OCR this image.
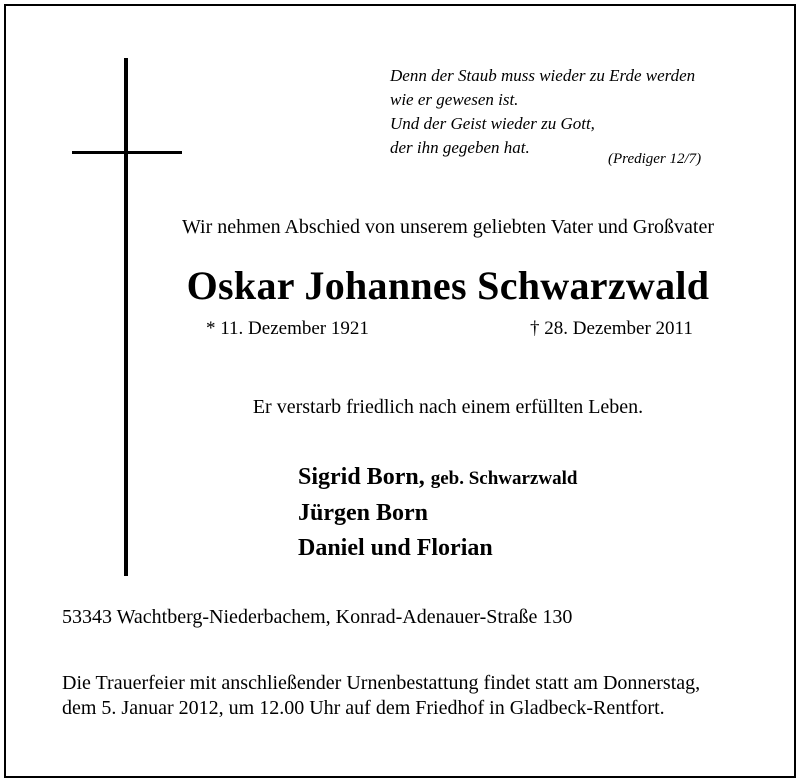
Denn der Staub muss wieder zu Erde werden
wie er gewesen ist.
Und der Geist wieder zu Gott,
der ihn gegeben hat.
(Prediger 12/7)
Wir nehmen Abschied von unserem geliebten Vater und Großvater
Oskar Johannes Schwarzwald
* 11. Dezember 1921	† 28. Dezember 2011
Er verstarb friedlich nach einem erfüllten Leben.
Sigrid Born, geb. Schwarzwald
Jürgen Born
Daniel und Florian
53343 Wachtberg-Niederbachem, Konrad-Adenauer-Straße 130
Die Trauerfeier mit anschließender Urnenbestattung findet statt am Donnerstag,
dem 5. Januar 2012, um 12.00 Uhr auf dem Friedhof in Gladbeck-Rentfort.
